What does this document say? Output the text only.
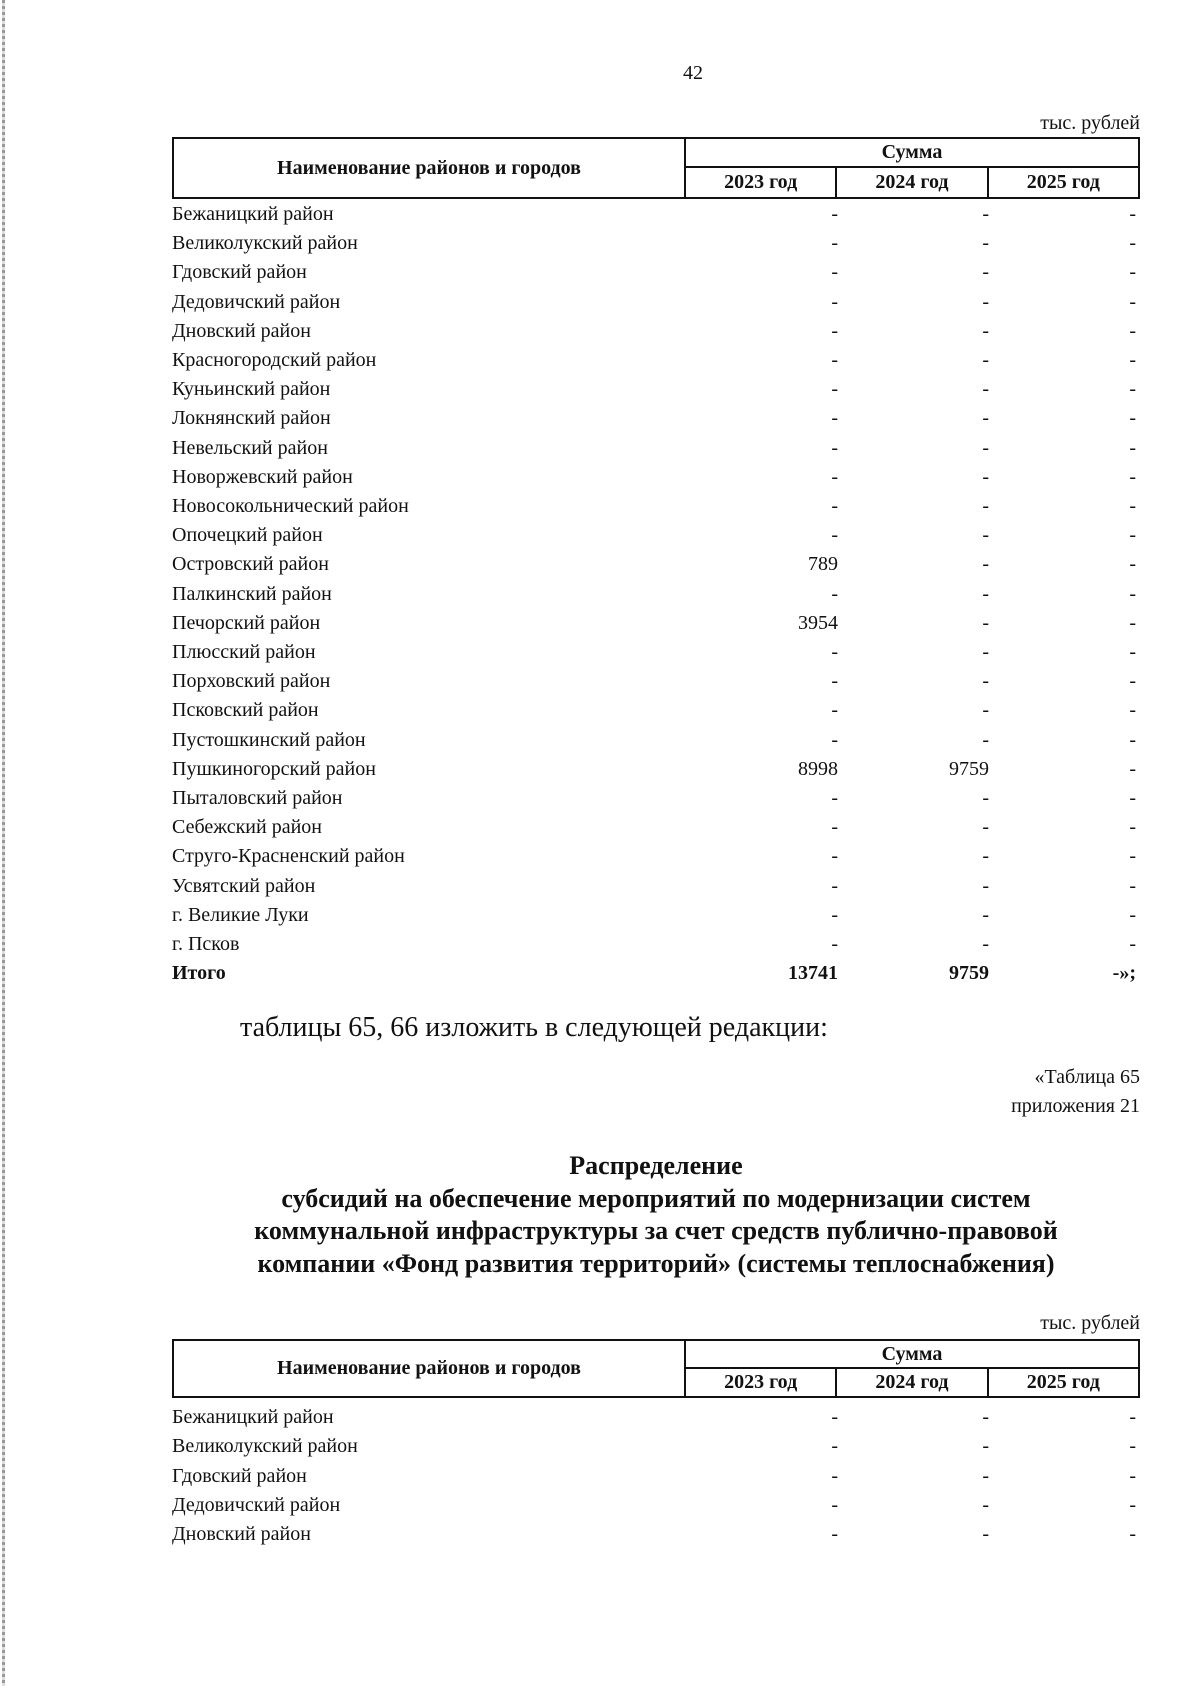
42
тыс. рублей
Наименование районов и городов	Сумма		
	2023 год	2024 год	2025 год
Бежаницкий район	-	-	-
Великолукский район	-	-	-
Гдовский район	-	-	-
Дедовичский район	-	-	-
Дновский район	-	-	-
Красногородский район	-	-	-
Куньинский район	-	-	-
Локнянский район	-	-	-
Невельский район	-	-	-
Новоржевский район	-	-	-
Новосокольнический район	-	-	-
Опочецкий район	-	-	-
Островский район	789	-	-
Палкинский район	-	-	-
Печорский район	3954	-	-
Плюсский район	-	-	-
Порховский район	-	-	-
Псковский район	-	-	-
Пустошкинский район	-	-	-
Пушкиногорский район	8998	9759	-
Пыталовский район	-	-	-
Себежский район	-	-	-
Струго-Красненский район	-	-	-
Усвятский район	-	-	-
г. Великие Луки	-	-	-
г. Псков	-	-	-
Итого	13741	9759	-»;
таблицы 65, 66 изложить в следующей редакции:
«Таблица 65
приложения 21
Распределение
субсидий на обеспечение мероприятий по модернизации систем
коммунальной инфраструктуры за счет средств публично-правовой
компании «Фонд развития территорий» (системы теплоснабжения)
тыс. рублей
Наименование районов и городов	Сумма		
	2023 год	2024 год	2025 год
Бежаницкий район	-	-	-
Великолукский район	-	-	-
Гдовский район	-	-	-
Дедовичский район	-	-	-
Дновский район	-	-	-
